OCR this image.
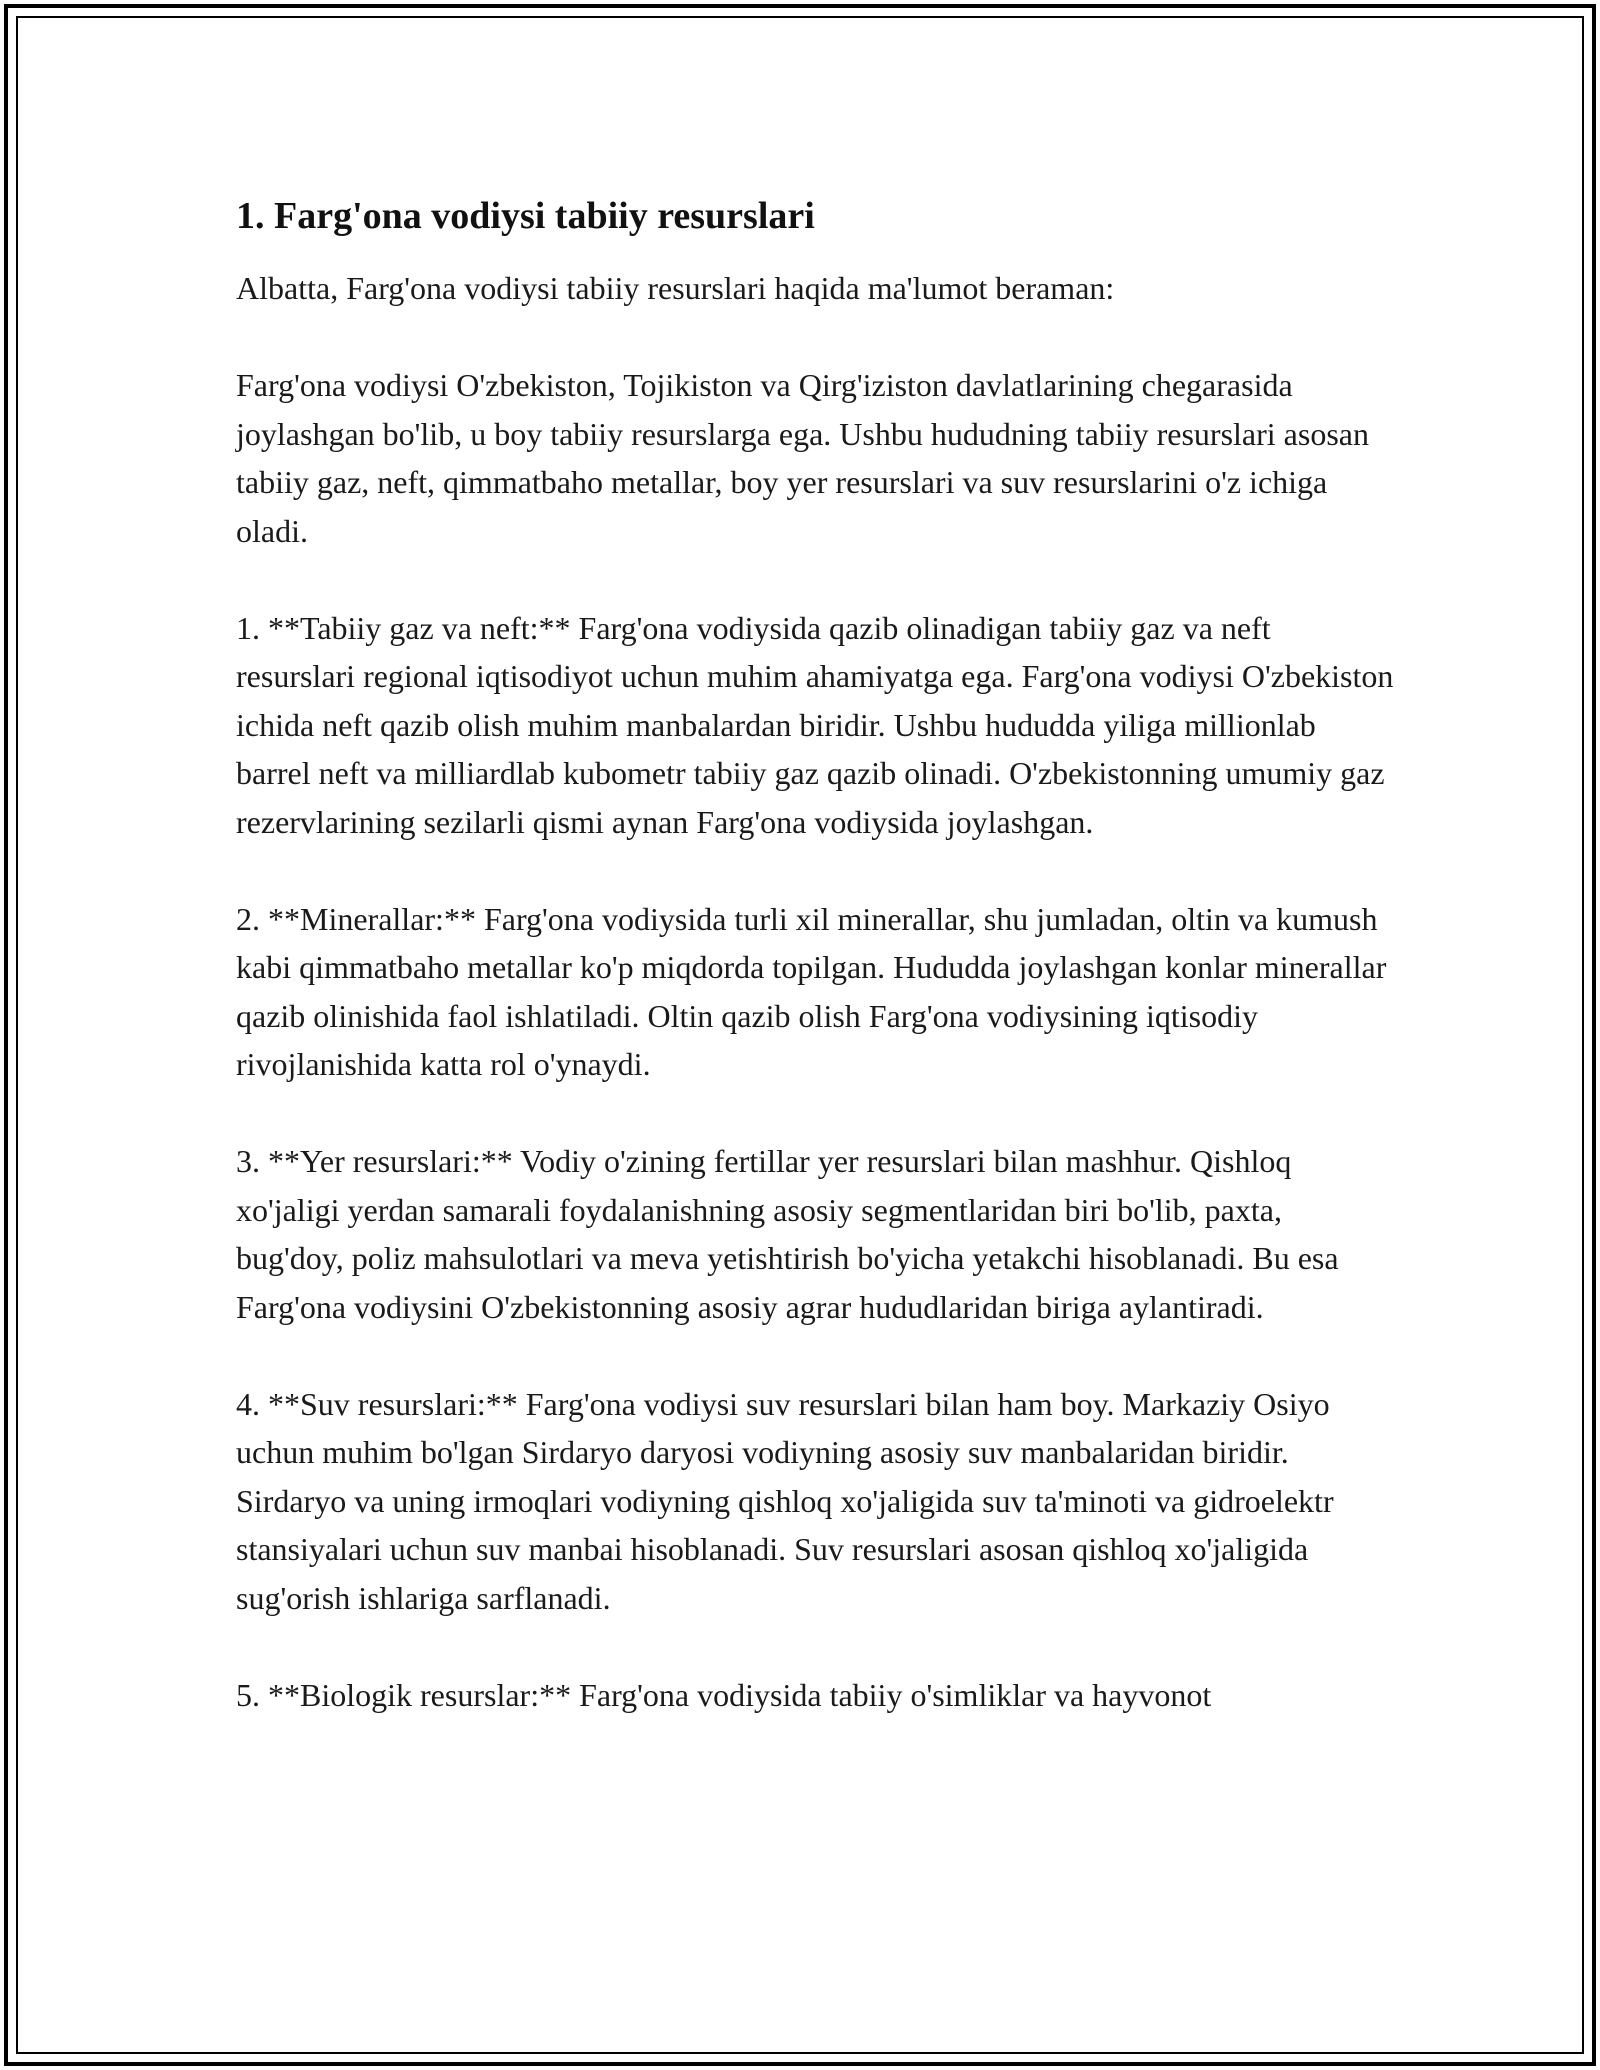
1. Farg'ona vodiysi tabiiy resurslari

Albatta, Farg'ona vodiysi tabiiy resurslari haqida ma'lumot beraman:

Farg'ona vodiysi O'zbekiston, Tojikiston va Qirg'iziston davlatlarining chegarasida joylashgan bo'lib, u boy tabiiy resurslarga ega. Ushbu hududning tabiiy resurslari asosan tabiiy gaz, neft, qimmatbaho metallar, boy yer resurslari va suv resurslarini o'z ichiga oladi.

1. **Tabiiy gaz va neft:** Farg'ona vodiysida qazib olinadigan tabiiy gaz va neft resurslari regional iqtisodiyot uchun muhim ahamiyatga ega. Farg'ona vodiysi O'zbekiston ichida neft qazib olish muhim manbalardan biridir. Ushbu hududda yiliga millionlab barrel neft va milliardlab kubometr tabiiy gaz qazib olinadi. O'zbekistonning umumiy gaz rezervlarining sezilarli qismi aynan Farg'ona vodiysida joylashgan.

2. **Minerallar:** Farg'ona vodiysida turli xil minerallar, shu jumladan, oltin va kumush kabi qimmatbaho metallar ko'p miqdorda topilgan. Hududda joylashgan konlar minerallar qazib olinishida faol ishlatiladi. Oltin qazib olish Farg'ona vodiysining iqtisodiy rivojlanishida katta rol o'ynaydi.

3. **Yer resurslari:** Vodiy o'zining fertillar yer resurslari bilan mashhur. Qishloq xo'jaligi yerdan samarali foydalanishning asosiy segmentlaridan biri bo'lib, paxta, bug'doy, poliz mahsulotlari va meva yetishtirish bo'yicha yetakchi hisoblanadi. Bu esa Farg'ona vodiysini O'zbekistonning asosiy agrar hududlaridan biriga aylantiradi.

4. **Suv resurslari:** Farg'ona vodiysi suv resurslari bilan ham boy. Markaziy Osiyo uchun muhim bo'lgan Sirdaryo daryosi vodiyning asosiy suv manbalaridan biridir. Sirdaryo va uning irmoqlari vodiyning qishloq xo'jaligida suv ta'minoti va gidroelektr stansiyalari uchun suv manbai hisoblanadi. Suv resurslari asosan qishloq xo'jaligida sug'orish ishlariga sarflanadi.

5. **Biologik resurslar:** Farg'ona vodiysida tabiiy o'simliklar va hayvonot
